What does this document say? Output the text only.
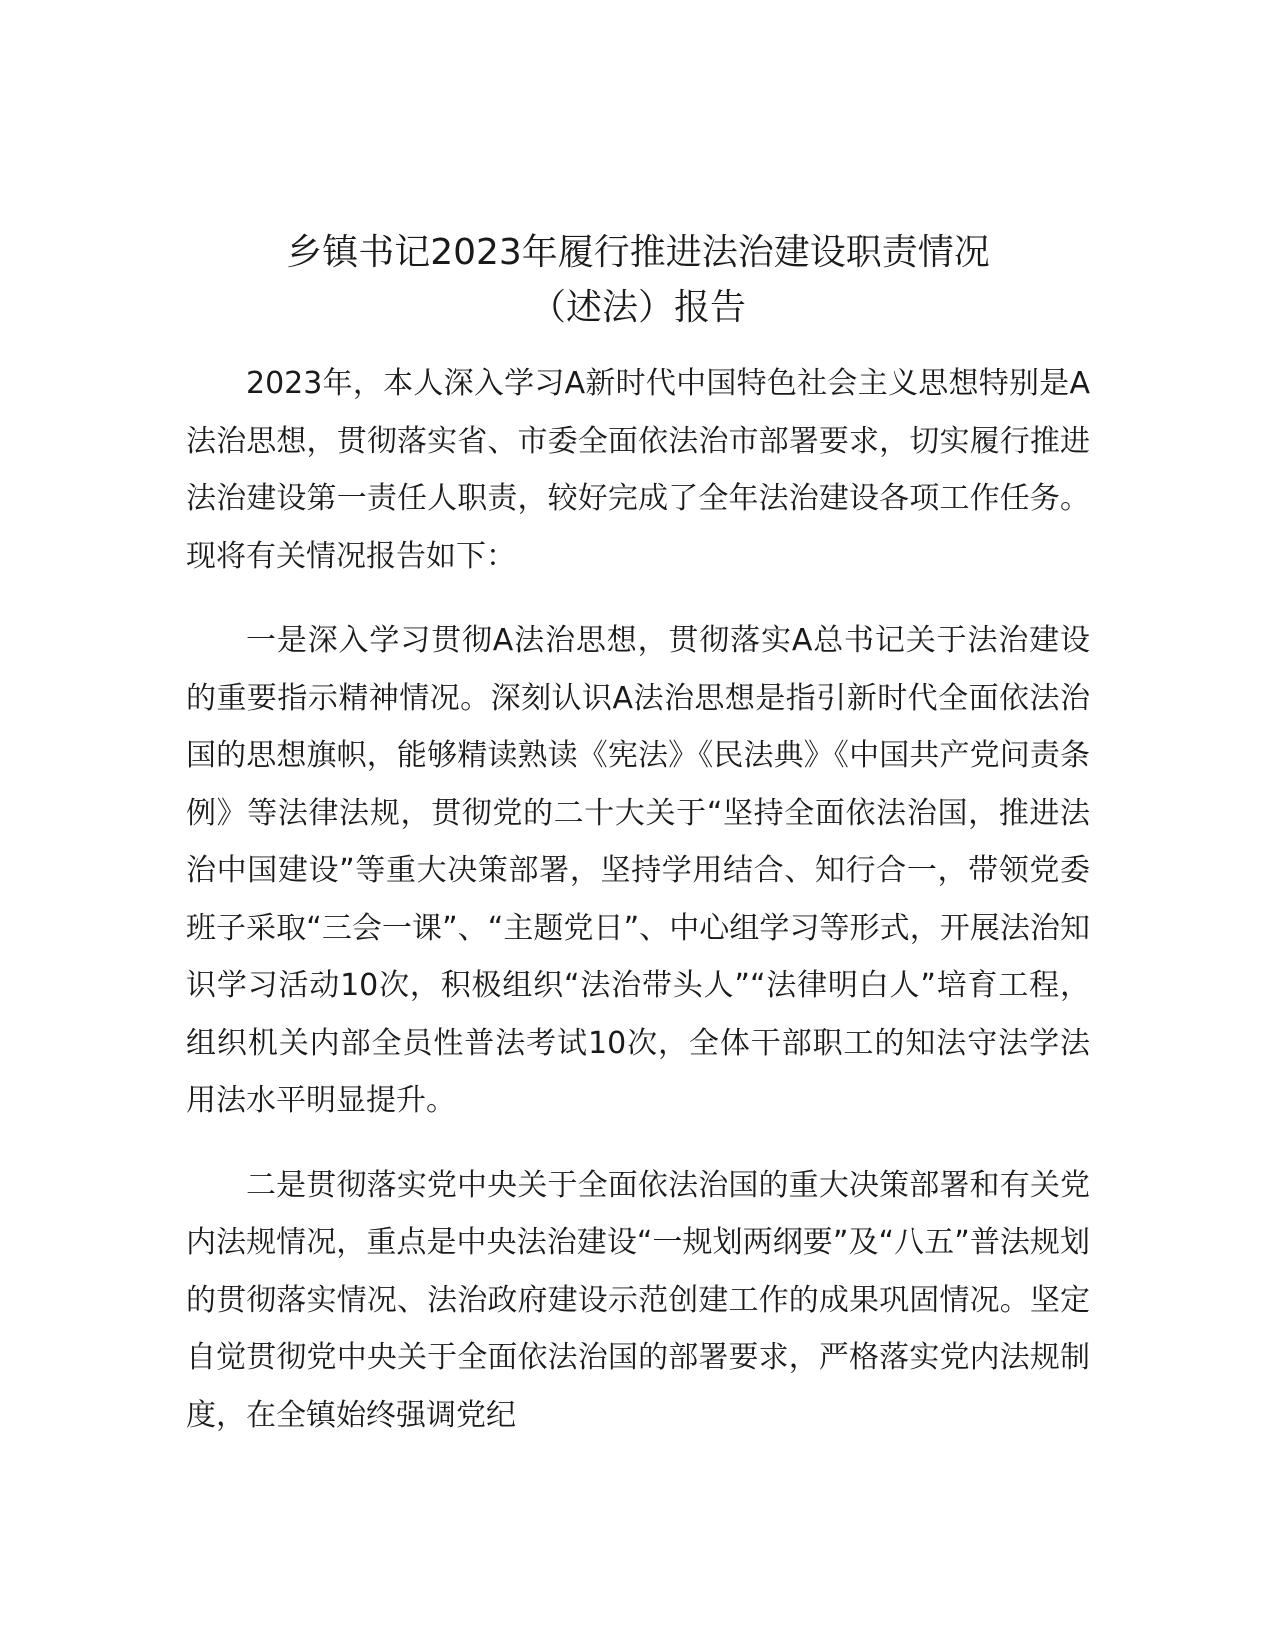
乡镇书记2023年履行推进法治建设职责情况
（述法）报告

2023年，本人深入学习A新时代中国特色社会主义思想特别是A法治思想，贯彻落实省、市委全面依法治市部署要求，切实履行推进法治建设第一责任人职责，较好完成了全年法治建设各项工作任务。现将有关情况报告如下：

一是深入学习贯彻A法治思想，贯彻落实A总书记关于法治建设的重要指示精神情况。深刻认识A法治思想是指引新时代全面依法治国的思想旗帜，能够精读熟读《宪法》《民法典》《中国共产党问责条例》等法律法规，贯彻党的二十大关于“坚持全面依法治国，推进法治中国建设”等重大决策部署，坚持学用结合、知行合一，带领党委班子采取“三会一课”、“主题党日”、中心组学习等形式，开展法治知识学习活动10次，积极组织“法治带头人”“法律明白人”培育工程，组织机关内部全员性普法考试10次，全体干部职工的知法守法学法用法水平明显提升。

二是贯彻落实党中央关于全面依法治国的重大决策部署和有关党内法规情况，重点是中央法治建设“一规划两纲要”及“八五”普法规划的贯彻落实情况、法治政府建设示范创建工作的成果巩固情况。坚定自觉贯彻党中央关于全面依法治国的部署要求，严格落实党内法规制度，在全镇始终强调党纪
